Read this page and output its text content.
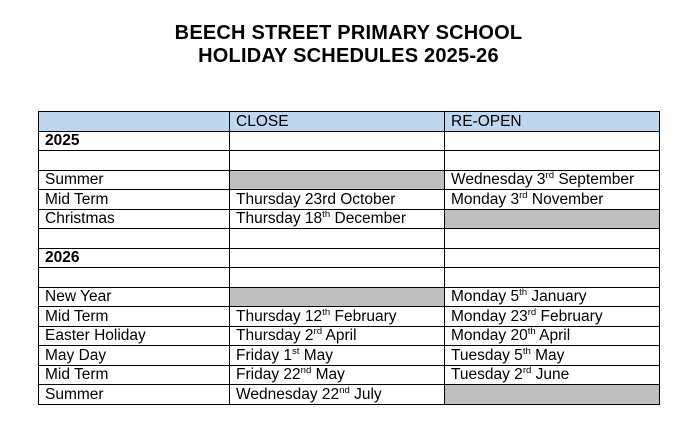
BEECH STREET PRIMARY SCHOOL
HOLIDAY SCHEDULES 2025-26
	CLOSE	RE-OPEN
2025		

Summer		Wednesday 3rd September
Mid Term	Thursday 23rd October	Monday 3rd November
Christmas	Thursday 18th December	

2026		

New Year		Monday 5th January
Mid Term	Thursday 12th February	Monday 23rd February
Easter Holiday	Thursday 2rd April	Monday 20th April
May Day	Friday 1st May	Tuesday 5th May
Mid Term	Friday 22nd May	Tuesday 2rd June
Summer	Wednesday 22nd July	
